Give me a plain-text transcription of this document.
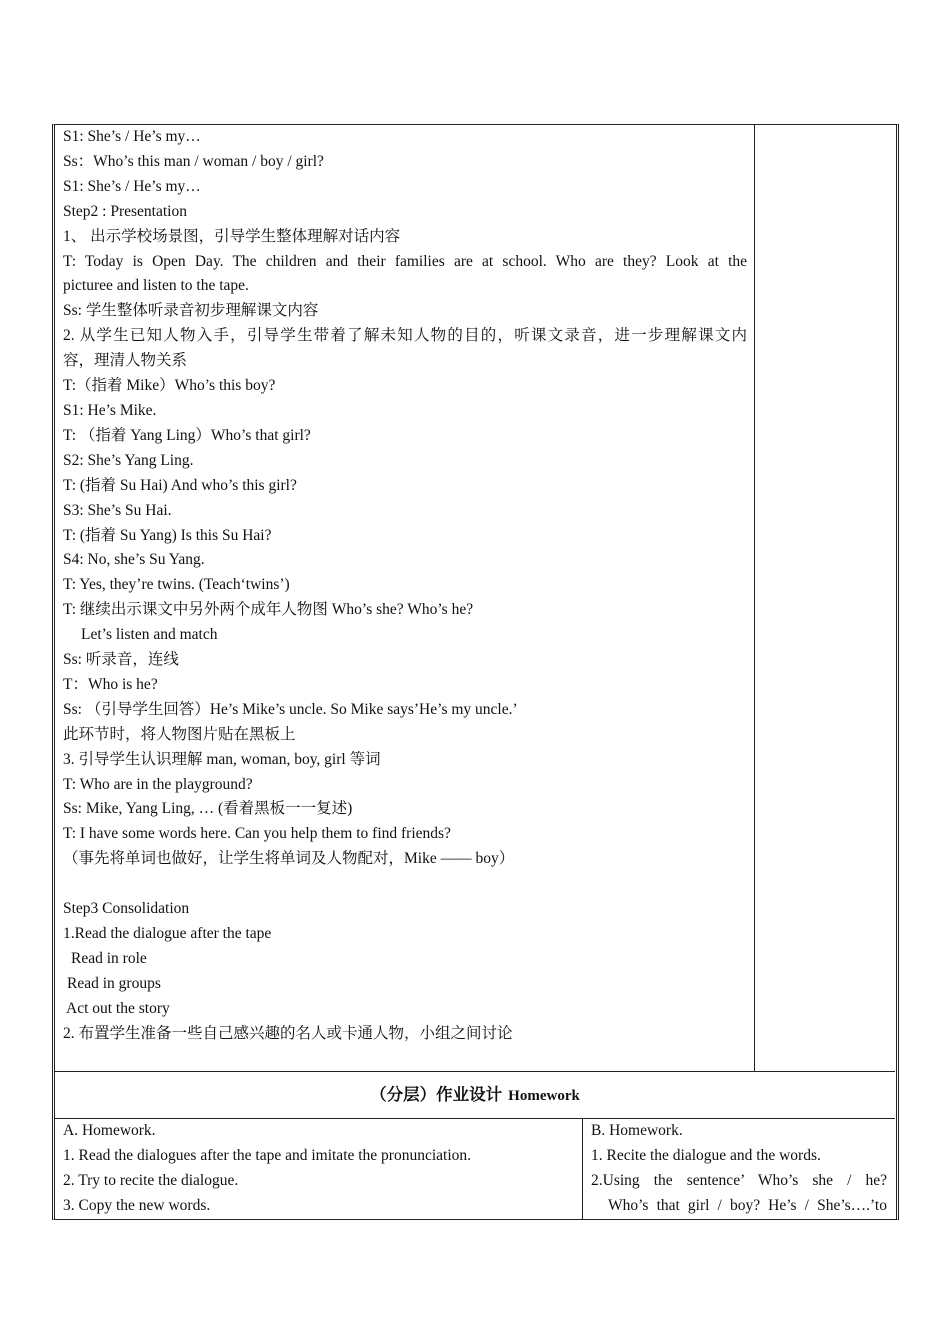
S1: She’s / He’s my…
Ss：Who’s this man / woman / boy / girl?
S1: She’s / He’s my…
Step2 : Presentation
1、 出示学校场景图，引导学生整体理解对话内容
T: Today is Open Day. The children and their families are at school. Who are they? Look at the
picturee and listen to the tape.
Ss: 学生整体听录音初步理解课文内容
2. 从学生已知人物入手，引导学生带着了解未知人物的目的，听课文录音，进一步理解课文内
容，理清人物关系
T:（指着 Mike）Who’s this boy?
S1: He’s Mike.
T: （指着 Yang Ling）Who’s that girl?
S2: She’s Yang Ling.
T: (指着 Su Hai) And who’s this girl?
S3: She’s Su Hai.
T: (指着 Su Yang) Is this Su Hai?
S4: No, she’s Su Yang.
T: Yes, they’re twins. (Teach‘twins’)
T: 继续出示课文中另外两个成年人物图 Who’s she? Who’s he?
Let’s listen and match
Ss: 听录音，连线
T：Who is he?
Ss: （引导学生回答）He’s Mike’s uncle. So Mike says’He’s my uncle.’
此环节时，将人物图片贴在黑板上
3. 引导学生认识理解 man, woman, boy, girl 等词
T: Who are in the playground?
Ss: Mike, Yang Ling, … (看着黑板一一复述)
T: I have some words here. Can you help them to find friends?
（事先将单词也做好，让学生将单词及人物配对，Mike —— boy）
Step3 Consolidation
1.Read the dialogue after the tape
Read in role
Read in groups
Act out the story
2. 布置学生准备一些自己感兴趣的名人或卡通人物，小组之间讨论
（分层）作业设计 Homework
A. Homework.
1. Read the dialogues after the tape and imitate the pronunciation.
2. Try to recite the dialogue.
3. Copy the new words.
B. Homework.
1. Recite the dialogue and the words.
2.Using the sentence’ Who’s she / he?
Who’s that girl / boy? He’s / She’s….’to
